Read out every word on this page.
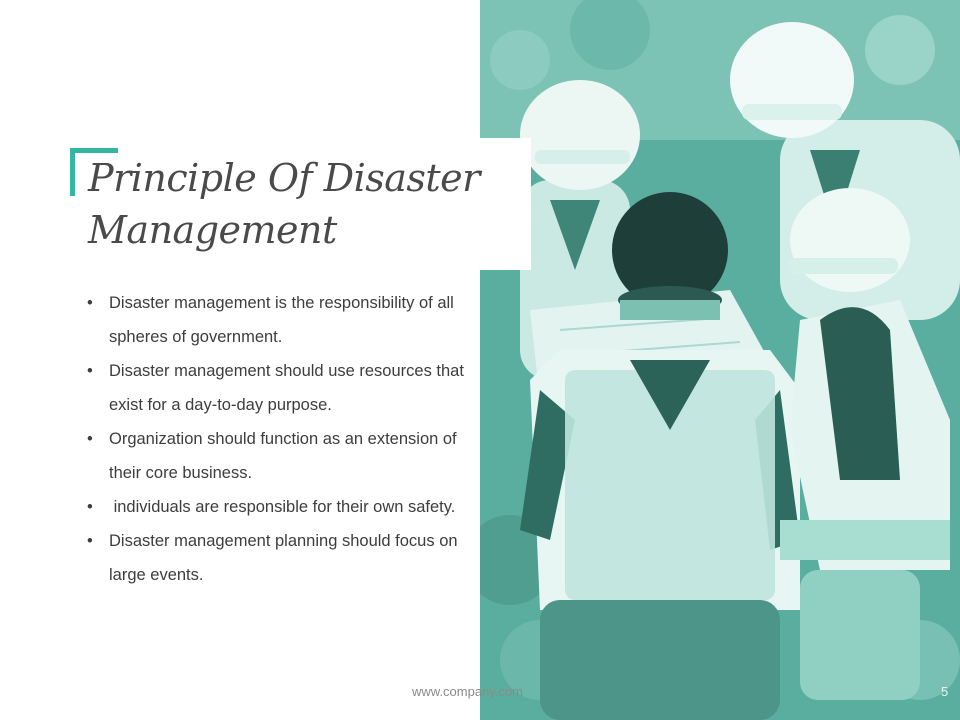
Principle Of Disaster Management
• Disaster management is the responsibility of all spheres of government.
• Disaster management should use resources that exist for a day-to-day purpose.
• Organization should function as an extension of their core business.
• individuals are responsible for their own safety.
• Disaster management planning should focus on large events.
www.company.com	5
